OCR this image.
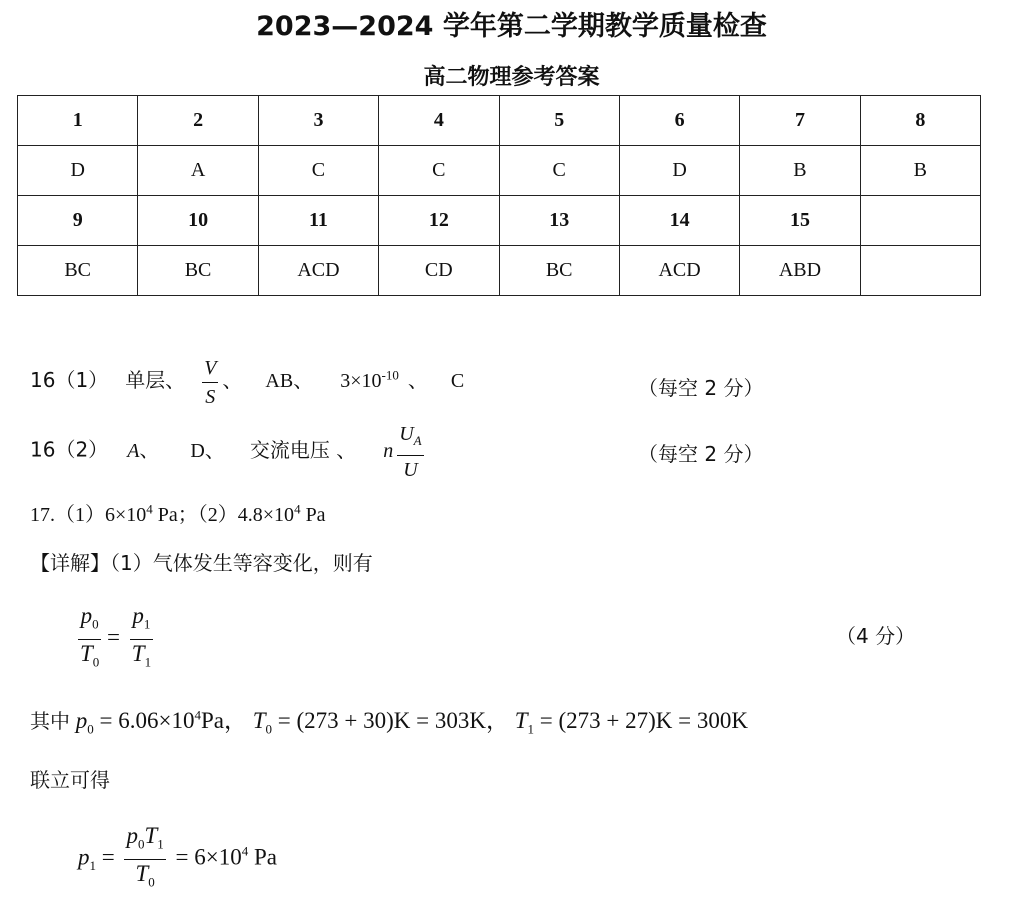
2023—2024 学年第二学期教学质量检查
高二物理参考答案
1	2	3	4	5	6	7	8
D	A	C	C	C	D	B	B
9	10	11	12	13	14	15	
BC	BC	ACD	CD	BC	ACD	ABD	
16（1） 单层、 $\frac{V}{S}$ 、 AB、 $3\times 10^{-10}$ 、 C	（每空 2 分）
16（2） A、 D、 交流电压 、 n $\frac{U_A}{U}$	（每空 2 分）
$17.(1)6\times 10^4$ Pa；$(2)4.8\times 10^4$ Pa
【详解】（1）气体发生等容变化，则有
$\frac{p_0}{T_0} = \frac{p_1}{T_1}$	（4 分）
其中 $p_0 = 6.06\times 10^4Pa$， $T_0 = (273 + 30)K = 303K$， $T_1 = (273 + 27)K = 300K$
联立可得
$p_1 = \frac{p_0T_1}{T_0} = 6\times 10^4$ Pa
